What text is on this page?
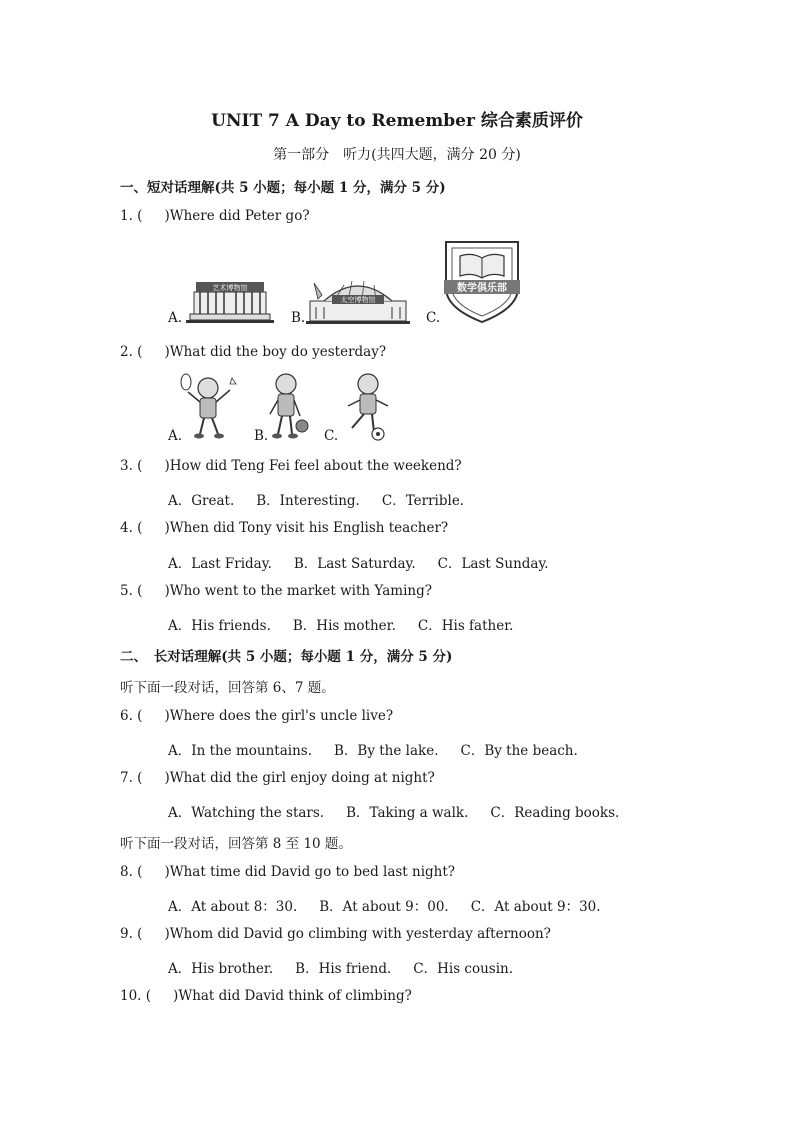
UNIT 7 A Day to Remember 综合素质评价
第一部分　听力(共四大题，满分 20 分)
一、短对话理解(共 5 小题；每小题 1 分，满分 5 分)
1. ( )Where did Peter go?
A.
艺术博物馆
B.
太空博物馆
C.
数学俱乐部
2. ( )What did the boy do yesterday?
A.	B.	C.
3. ( )How did Teng Fei feel about the weekend?
A．Great. B．Interesting. C．Terrible.
4. ( )When did Tony visit his English teacher?
A．Last Friday. B．Last Saturday. C．Last Sunday.
5. ( )Who went to the market with Yaming?
A．His friends. B．His mother. C．His father.
二、　长对话理解(共 5 小题；每小题 1 分，满分 5 分)
听下面一段对话，回答第 6、7 题。
6. ( )Where does the girl's uncle live?
A．In the mountains. B．By the lake. C．By the beach.
7. ( )What did the girl enjoy doing at night?
A．Watching the stars. B．Taking a walk. C．Reading books.
听下面一段对话，回答第 8 至 10 题。
8. ( )What time did David go to bed last night?
A．At about 8：30. B．At about 9：00. C．At about 9：30.
9. ( )Whom did David go climbing with yesterday afternoon?
A．His brother. B．His friend. C．His cousin.
10. ( )What did David think of climbing?
